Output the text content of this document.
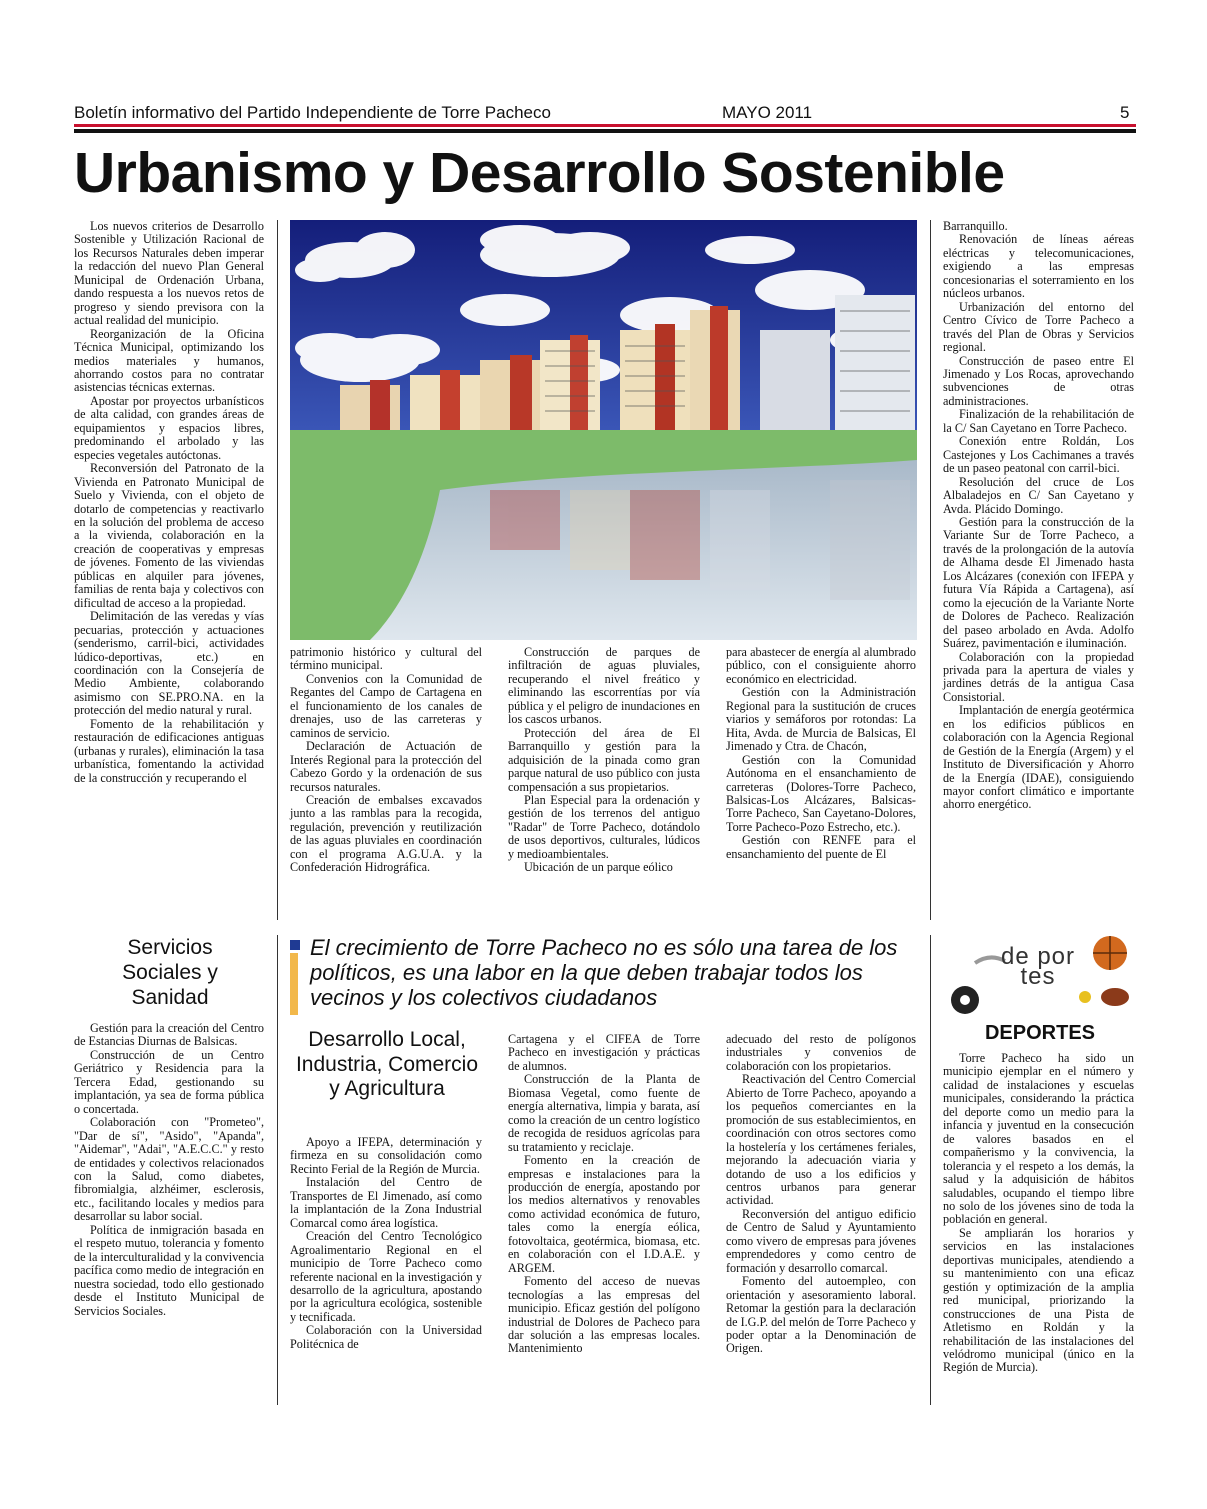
Boletín informativo del Partido Independiente de Torre Pacheco	MAYO 2011	5
Urbanismo y Desarrollo Sostenible

Los nuevos criterios de Desarrollo Sostenible y Utilización Racional de los Recursos Naturales deben imperar la redacción del nuevo Plan General Municipal de Ordenación Urbana, dando respuesta a los nuevos retos de progreso y siendo previsora con la actual realidad del municipio.

Reorganización de la Oficina Técnica Municipal, optimizando los medios materiales y humanos, ahorrando costos para no contratar asistencias técnicas externas.

Apostar por proyectos urbanísticos de alta calidad, con grandes áreas de equipamientos y espacios libres, predominando el arbolado y las especies vegetales autóctonas.

Reconversión del Patronato de la Vivienda en Patronato Municipal de Suelo y Vivienda, con el objeto de dotarlo de competencias y reactivarlo en la solución del problema de acceso a la vivienda, colaboración en la creación de cooperativas y empresas de jóvenes. Fomento de las viviendas públicas en alquiler para jóvenes, familias de renta baja y colectivos con dificultad de acceso a la propiedad.

Delimitación de las veredas y vías pecuarias, protección y actuaciones (senderismo, carril-bici, actividades lúdico-deportivas, etc.) en coordinación con la Consejería de Medio Ambiente, colaborando asimismo con SE.PRO.NA. en la protección del medio natural y rural.

Fomento de la rehabilitación y restauración de edificaciones antiguas (urbanas y rurales), eliminación la tasa urbanística, fomentando la actividad de la construcción y recuperando el

patrimonio histórico y cultural del término municipal.

Convenios con la Comunidad de Regantes del Campo de Cartagena en el funcionamiento de los canales de drenajes, uso de las carreteras y caminos de servicio.

Declaración de Actuación de Interés Regional para la protección del Cabezo Gordo y la ordenación de sus recursos naturales.

Creación de embalses excavados junto a las ramblas para la recogida, regulación, prevención y reutilización de las aguas pluviales en coordinación con el programa A.G.U.A. y la Confederación Hidrográfica.

Construcción de parques de infiltración de aguas pluviales, recuperando el nivel freático y eliminando las escorrentías por vía pública y el peligro de inundaciones en los cascos urbanos.

Protección del área de El Barranquillo y gestión para la adquisición de la pinada como gran parque natural de uso público con justa compensación a sus propietarios.

Plan Especial para la ordenación y gestión de los terrenos del antiguo "Radar" de Torre Pacheco, dotándolo de usos deportivos, culturales, lúdicos y medioambientales.

Ubicación de un parque eólico

para abastecer de energía al alumbrado público, con el consiguiente ahorro económico en electricidad.

Gestión con la Administración Regional para la sustitución de cruces viarios y semáforos por rotondas: La Hita, Avda. de Murcia de Balsicas, El Jimenado y Ctra. de Chacón,

Gestión con la Comunidad Autónoma en el ensanchamiento de carreteras (Dolores-Torre Pacheco, Balsicas-Los Alcázares, Balsicas-Torre Pacheco, San Cayetano-Dolores, Torre Pacheco-Pozo Estrecho, etc.).

Gestión con RENFE para el ensanchamiento del puente de El

Barranquillo.

Renovación de líneas aéreas eléctricas y telecomunicaciones, exigiendo a las empresas concesionarias el soterramiento en los núcleos urbanos.

Urbanización del entorno del Centro Cívico de Torre Pacheco a través del Plan de Obras y Servicios regional.

Construcción de paseo entre El Jimenado y Los Rocas, aprovechando subvenciones de otras administraciones.

Finalización de la rehabilitación de la C/ San Cayetano en Torre Pacheco.

Conexión entre Roldán, Los Castejones y Los Cachimanes a través de un paseo peatonal con carril-bici.

Resolución del cruce de Los Albaladejos en C/ San Cayetano y Avda. Plácido Domingo.

Gestión para la construcción de la Variante Sur de Torre Pacheco, a través de la prolongación de la autovía de Alhama desde El Jimenado hasta Los Alcázares (conexión con IFEPA y futura Vía Rápida a Cartagena), así como la ejecución de la Variante Norte de Dolores de Pacheco. Realización del paseo arbolado en Avda. Adolfo Suárez, pavimentación e iluminación.

Colaboración con la propiedad privada para la apertura de viales y jardines detrás de la antigua Casa Consistorial.

Implantación de energía geotérmica en los edificios públicos en colaboración con la Agencia Regional de Gestión de la Energía (Argem) y el Instituto de Diversificación y Ahorro de la Energía (IDAE), consiguiendo mayor confort climático e importante ahorro energético.

Servicios Sociales y Sanidad

Gestión para la creación del Centro de Estancias Diurnas de Balsicas.

Construcción de un Centro Geriátrico y Residencia para la Tercera Edad, gestionando su implantación, ya sea de forma pública o concertada.

Colaboración con "Prometeo", "Dar de sí", "Asido", "Apanda", "Aidemar", "Adai", "A.E.C.C." y resto de entidades y colectivos relacionados con la Salud, como diabetes, fibromialgia, alzhéimer, esclerosis, etc., facilitando locales y medios para desarrollar su labor social.

Política de inmigración basada en el respeto mutuo, tolerancia y fomento de la interculturalidad y la convivencia pacífica como medio de integración en nuestra sociedad, todo ello gestionado desde el Instituto Municipal de Servicios Sociales.

El crecimiento de Torre Pacheco no es sólo una tarea de los políticos, es una labor en la que deben trabajar todos los vecinos y los colectivos ciudadanos
Desarrollo Local, Industria, Comercio y Agricultura

Apoyo a IFEPA, determinación y firmeza en su consolidación como Recinto Ferial de la Región de Murcia.

Instalación del Centro de Transportes de El Jimenado, así como la implantación de la Zona Industrial Comarcal como área logística.

Creación del Centro Tecnológico Agroalimentario Regional en el municipio de Torre Pacheco como referente nacional en la investigación y desarrollo de la agricultura, apostando por la agricultura ecológica, sostenible y tecnificada.

Colaboración con la Universidad Politécnica de

Cartagena y el CIFEA de Torre Pacheco en investigación y prácticas de alumnos.

Construcción de la Planta de Biomasa Vegetal, como fuente de energía alternativa, limpia y barata, así como la creación de un centro logístico de recogida de residuos agrícolas para su tratamiento y reciclaje.

Fomento en la creación de empresas e instalaciones para la producción de energía, apostando por los medios alternativos y renovables como actividad económica de futuro, tales como la energía eólica, fotovoltaica, geotérmica, biomasa, etc. en colaboración con el I.D.A.E. y ARGEM.

Fomento del acceso de nuevas tecnologías a las empresas del municipio. Eficaz gestión del polígono industrial de Dolores de Pacheco para dar solución a las empresas locales. Mantenimiento

adecuado del resto de polígonos industriales y convenios de colaboración con los propietarios.

Reactivación del Centro Comercial Abierto de Torre Pacheco, apoyando a los pequeños comerciantes en la promoción de sus establecimientos, en coordinación con otros sectores como la hostelería y los certámenes feriales, mejorando la adecuación viaria y dotando de uso a los edificios y centros urbanos para generar actividad.

Reconversión del antiguo edificio de Centro de Salud y Ayuntamiento como vivero de empresas para jóvenes emprendedores y como centro de formación y desarrollo comarcal.

Fomento del autoempleo, con orientación y asesoramiento laboral. Retomar la gestión para la declaración de I.G.P. del melón de Torre Pacheco y poder optar a la Denominación de Origen.

de por tes
DEPORTES

Torre Pacheco ha sido un municipio ejemplar en el número y calidad de instalaciones y escuelas municipales, considerando la práctica del deporte como un medio para la infancia y juventud en la consecución de valores basados en el compañerismo y la convivencia, la tolerancia y el respeto a los demás, la salud y la adquisición de hábitos saludables, ocupando el tiempo libre no solo de los jóvenes sino de toda la población en general.

Se ampliarán los horarios y servicios en las instalaciones deportivas municipales, atendiendo a su mantenimiento con una eficaz gestión y optimización de la amplia red municipal, priorizando la construcciones de una Pista de Atletismo en Roldán y la rehabilitación de las instalaciones del velódromo municipal (único en la Región de Murcia).
